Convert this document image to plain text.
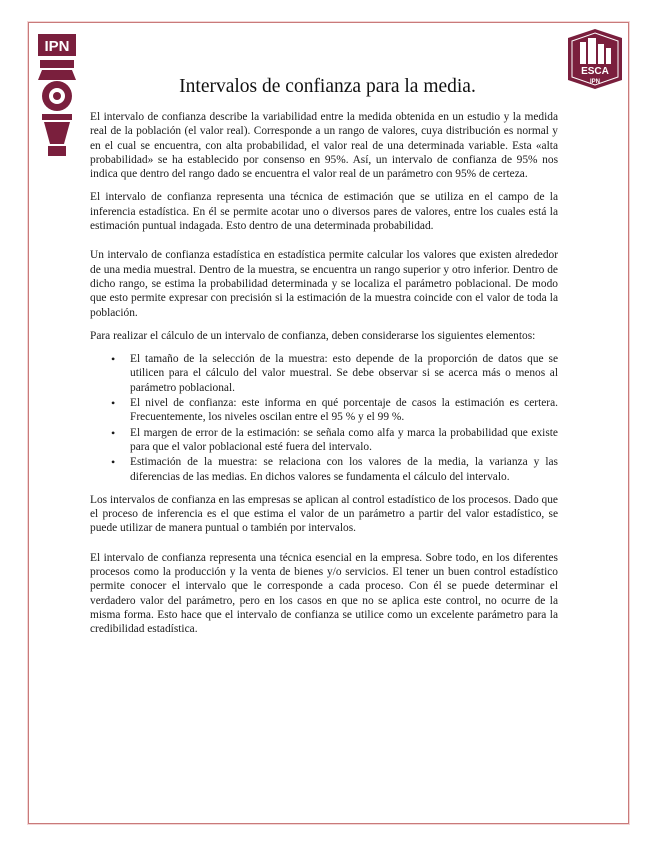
IPN
ESCA
IPN
Intervalos de confianza para la media.

El intervalo de confianza describe la variabilidad entre la medida obtenida en un estudio y la medida real de la población (el valor real). Corresponde a un rango de valores, cuya distribución es normal y en el cual se encuentra, con alta probabilidad, el valor real de una determinada variable. Esta «alta probabilidad» se ha establecido por consenso en 95%. Así, un intervalo de confianza de 95% nos indica que dentro del rango dado se encuentra el valor real de un parámetro con 95% de certeza.

El intervalo de confianza representa una técnica de estimación que se utiliza en el campo de la inferencia estadística. En él se permite acotar uno o diversos pares de valores, entre los cuales está la estimación puntual indagada. Esto dentro de una determinada probabilidad.

Un intervalo de confianza estadística en estadística permite calcular los valores que existen alrededor de una media muestral. Dentro de la muestra, se encuentra un rango superior y otro inferior. Dentro de dicho rango, se estima la probabilidad determinada y se localiza el parámetro poblacional. De modo que esto permite expresar con precisión si la estimación de la muestra coincide con el valor de toda la población.

Para realizar el cálculo de un intervalo de confianza, deben considerarse los siguientes elementos:

• El tamaño de la selección de la muestra: esto depende de la proporción de datos que se utilicen para el cálculo del valor muestral. Se debe observar si se acerca más o menos al parámetro poblacional.
• El nivel de confianza: este informa en qué porcentaje de casos la estimación es certera. Frecuentemente, los niveles oscilan entre el 95 % y el 99 %.
• El margen de error de la estimación: se señala como alfa y marca la probabilidad que existe para que el valor poblacional esté fuera del intervalo.
• Estimación de la muestra: se relaciona con los valores de la media, la varianza y las diferencias de las medias. En dichos valores se fundamenta el cálculo del intervalo.

Los intervalos de confianza en las empresas se aplican al control estadístico de los procesos. Dado que el proceso de inferencia es el que estima el valor de un parámetro a partir del valor estadístico, se puede utilizar de manera puntual o también por intervalos.

El intervalo de confianza representa una técnica esencial en la empresa. Sobre todo, en los diferentes procesos como la producción y la venta de bienes y/o servicios. El tener un buen control estadístico permite conocer el intervalo que le corresponde a cada proceso. Con él se puede determinar el verdadero valor del parámetro, pero en los casos en que no se aplica este control, no ocurre de la misma forma. Esto hace que el intervalo de confianza se utilice como un excelente parámetro para la credibilidad estadística.
